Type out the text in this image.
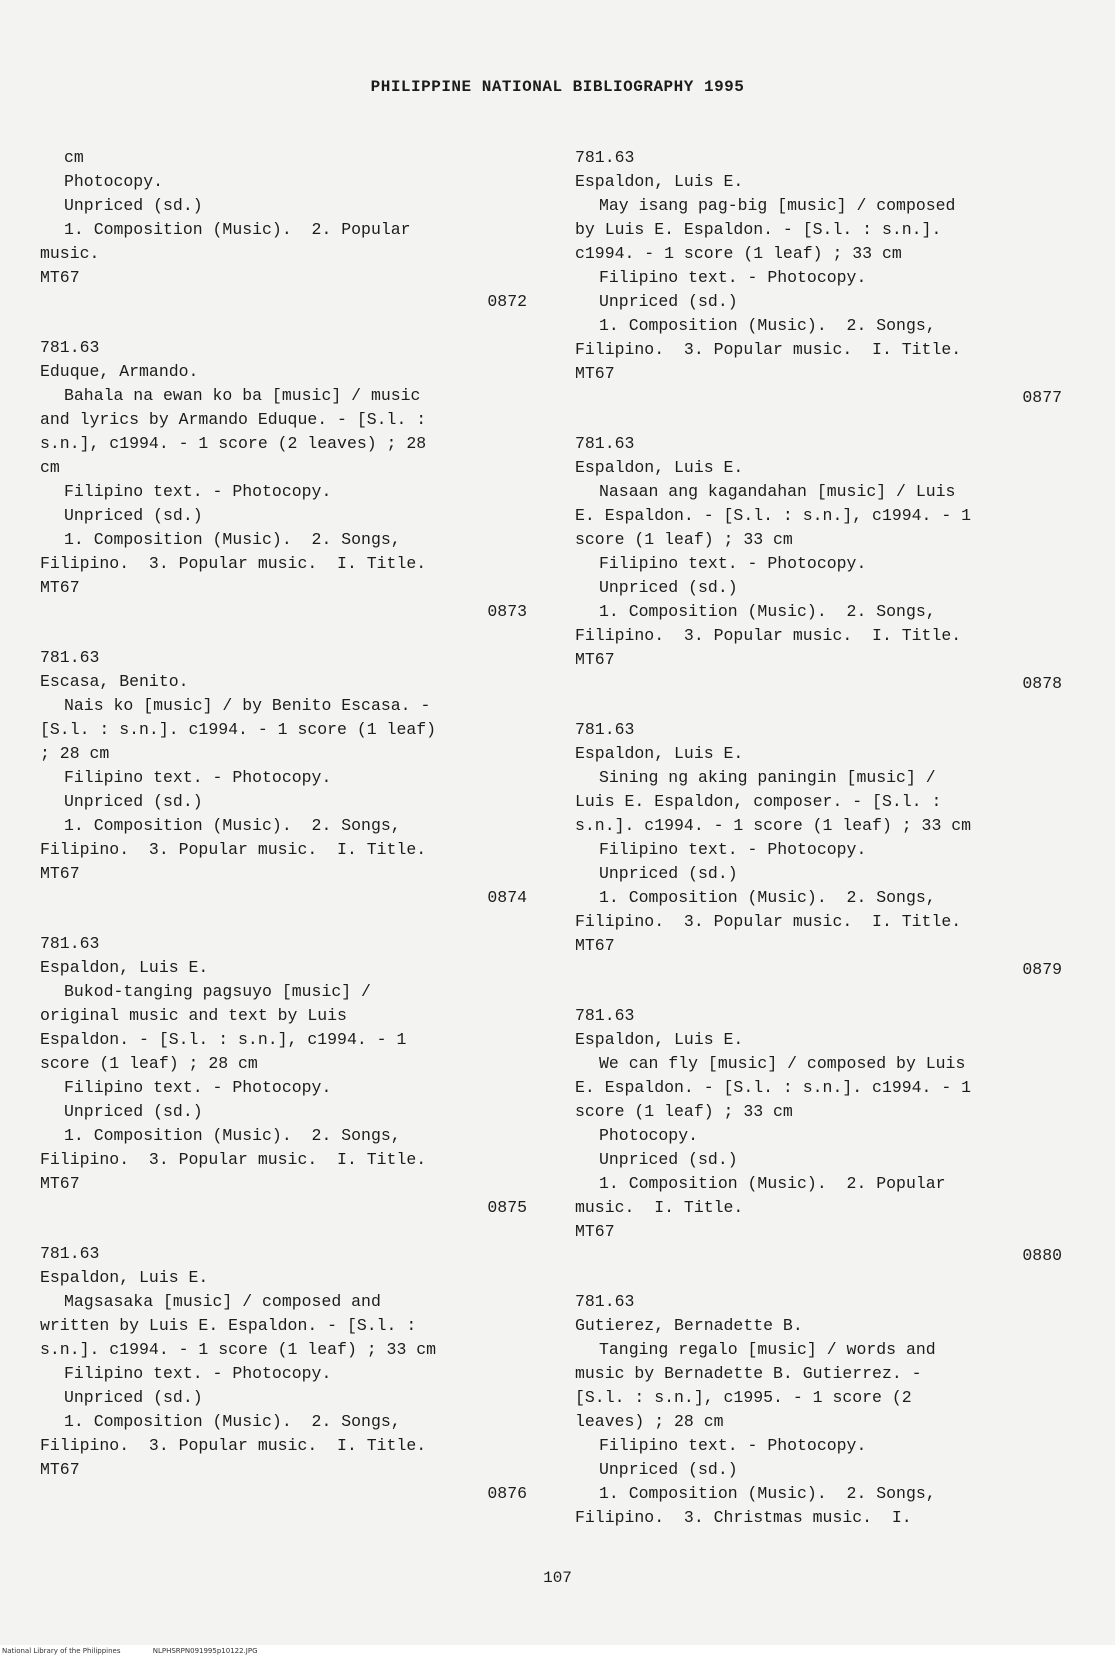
PHILIPPINE NATIONAL BIBLIOGRAPHY 1995
cm
Photocopy.
Unpriced (sd.)
1. Composition (Music).  2. Popular
music.
MT67
0872
781.63
Eduque, Armando.
Bahala na ewan ko ba [music] / music
and lyrics by Armando Eduque. - [S.l. :
s.n.], c1994. - 1 score (2 leaves) ; 28
cm
Filipino text. - Photocopy.
Unpriced (sd.)
1. Composition (Music).  2. Songs,
Filipino.  3. Popular music.  I. Title.
MT67
0873
781.63
Escasa, Benito.
Nais ko [music] / by Benito Escasa. -
[S.l. : s.n.]. c1994. - 1 score (1 leaf)
; 28 cm
Filipino text. - Photocopy.
Unpriced (sd.)
1. Composition (Music).  2. Songs,
Filipino.  3. Popular music.  I. Title.
MT67
0874
781.63
Espaldon, Luis E.
Bukod-tanging pagsuyo [music] /
original music and text by Luis
Espaldon. - [S.l. : s.n.], c1994. - 1
score (1 leaf) ; 28 cm
Filipino text. - Photocopy.
Unpriced (sd.)
1. Composition (Music).  2. Songs,
Filipino.  3. Popular music.  I. Title.
MT67
0875
781.63
Espaldon, Luis E.
Magsasaka [music] / composed and
written by Luis E. Espaldon. - [S.l. :
s.n.]. c1994. - 1 score (1 leaf) ; 33 cm
Filipino text. - Photocopy.
Unpriced (sd.)
1. Composition (Music).  2. Songs,
Filipino.  3. Popular music.  I. Title.
MT67
0876
781.63
Espaldon, Luis E.
May isang pag-big [music] / composed
by Luis E. Espaldon. - [S.l. : s.n.].
c1994. - 1 score (1 leaf) ; 33 cm
Filipino text. - Photocopy.
Unpriced (sd.)
1. Composition (Music).  2. Songs,
Filipino.  3. Popular music.  I. Title.
MT67
0877
781.63
Espaldon, Luis E.
Nasaan ang kagandahan [music] / Luis
E. Espaldon. - [S.l. : s.n.], c1994. - 1
score (1 leaf) ; 33 cm
Filipino text. - Photocopy.
Unpriced (sd.)
1. Composition (Music).  2. Songs,
Filipino.  3. Popular music.  I. Title.
MT67
0878
781.63
Espaldon, Luis E.
Sining ng aking paningin [music] /
Luis E. Espaldon, composer. - [S.l. :
s.n.]. c1994. - 1 score (1 leaf) ; 33 cm
Filipino text. - Photocopy.
Unpriced (sd.)
1. Composition (Music).  2. Songs,
Filipino.  3. Popular music.  I. Title.
MT67
0879
781.63
Espaldon, Luis E.
We can fly [music] / composed by Luis
E. Espaldon. - [S.l. : s.n.]. c1994. - 1
score (1 leaf) ; 33 cm
Photocopy.
Unpriced (sd.)
1. Composition (Music).  2. Popular
music.  I. Title.
MT67
0880
781.63
Gutierez, Bernadette B.
Tanging regalo [music] / words and
music by Bernadette B. Gutierrez. -
[S.l. : s.n.], c1995. - 1 score (2
leaves) ; 28 cm
Filipino text. - Photocopy.
Unpriced (sd.)
1. Composition (Music).  2. Songs,
Filipino.  3. Christmas music.  I.
107
National Library of the Philippines	NLPHSRPN091995p10122.JPG
